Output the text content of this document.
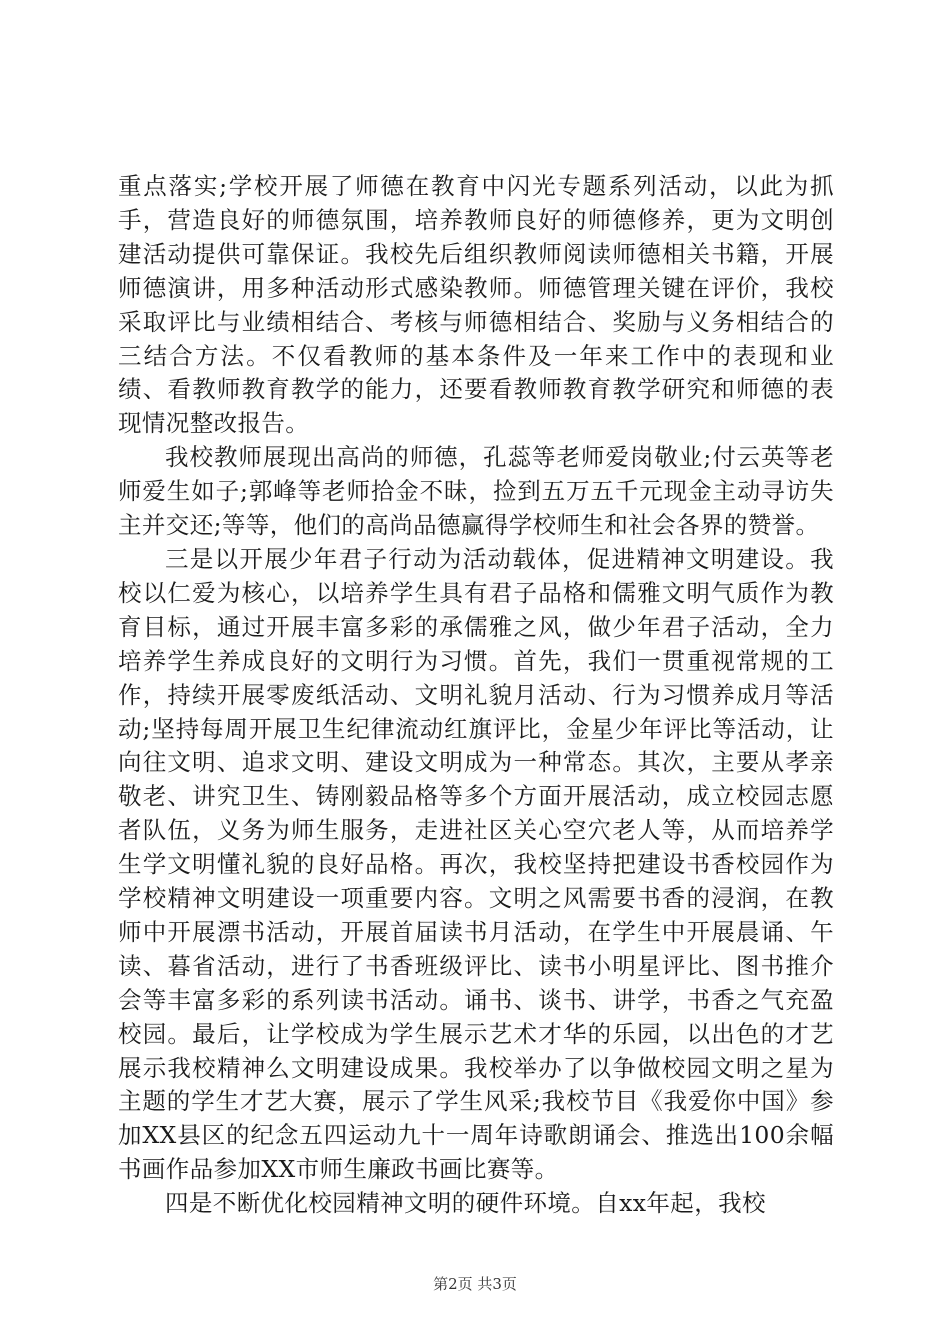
重点落实;学校开展了师德在教育中闪光专题系列活动，以此为抓手，营造良好的师德氛围，培养教师良好的师德修养，更为文明创建活动提供可靠保证。我校先后组织教师阅读师德相关书籍，开展师德演讲，用多种活动形式感染教师。师德管理关键在评价，我校采取评比与业绩相结合、考核与师德相结合、奖励与义务相结合的三结合方法。不仅看教师的基本条件及一年来工作中的表现和业绩、看教师教育教学的能力，还要看教师教育教学研究和师德的表现情况整改报告。

我校教师展现出高尚的师德，孔蕊等老师爱岗敬业;付云英等老师爱生如子;郭峰等老师拾金不昧，捡到五万五千元现金主动寻访失主并交还;等等，他们的高尚品德赢得学校师生和社会各界的赞誉。

三是以开展少年君子行动为活动载体，促进精神文明建设。我校以仁爱为核心，以培养学生具有君子品格和儒雅文明气质作为教育目标，通过开展丰富多彩的承儒雅之风，做少年君子活动，全力培养学生养成良好的文明行为习惯。首先，我们一贯重视常规的工作，持续开展零废纸活动、文明礼貌月活动、行为习惯养成月等活动;坚持每周开展卫生纪律流动红旗评比，金星少年评比等活动，让向往文明、追求文明、建设文明成为一种常态。其次，主要从孝亲敬老、讲究卫生、铸刚毅品格等多个方面开展活动，成立校园志愿者队伍，义务为师生服务，走进社区关心空穴老人等，从而培养学生学文明懂礼貌的良好品格。再次，我校坚持把建设书香校园作为学校精神文明建设一项重要内容。文明之风需要书香的浸润，在教师中开展漂书活动，开展首届读书月活动，在学生中开展晨诵、午读、暮省活动，进行了书香班级评比、读书小明星评比、图书推介会等丰富多彩的系列读书活动。诵书、谈书、讲学，书香之气充盈校园。最后，让学校成为学生展示艺术才华的乐园，以出色的才艺展示我校精神么文明建设成果。我校举办了以争做校园文明之星为主题的学生才艺大赛，展示了学生风采;我校节目《我爱你中国》参加XX县区的纪念五四运动九十一周年诗歌朗诵会、推选出100余幅书画作品参加XX市师生廉政书画比赛等。

四是不断优化校园精神文明的硬件环境。自xx年起，我校

第2页 共3页
